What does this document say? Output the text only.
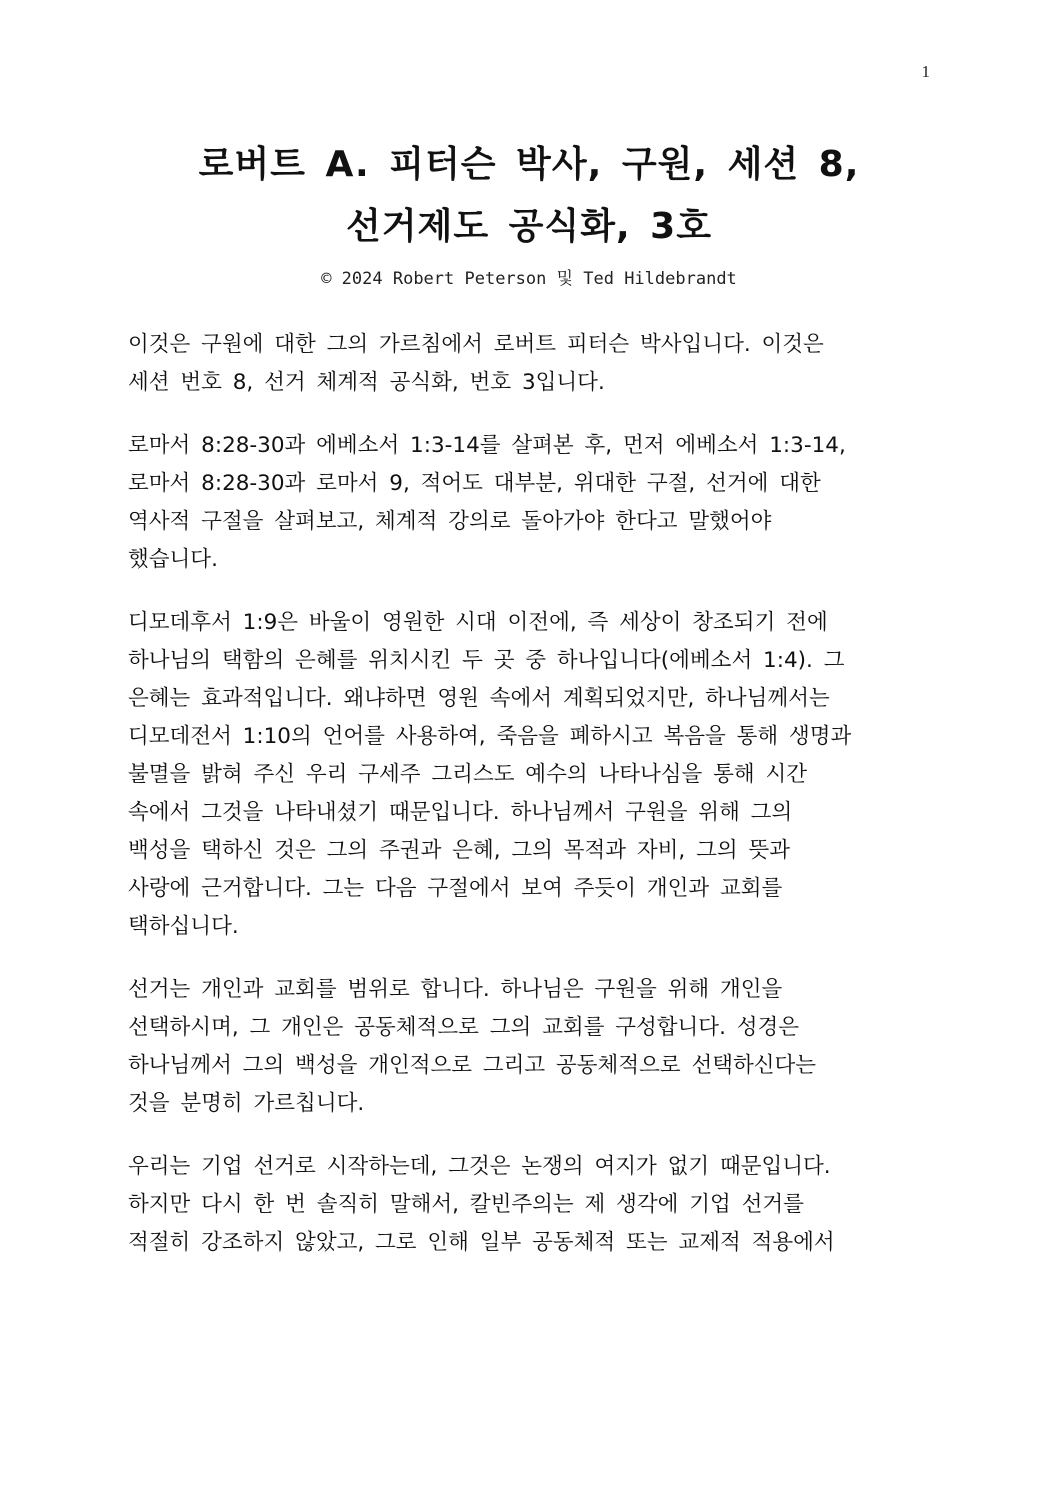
1
로버트 A. 피터슨 박사, 구원, 세션 8,
선거제도 공식화, 3호
© 2024 Robert Peterson 및 Ted Hildebrandt
이것은 구원에 대한 그의 가르침에서 로버트 피터슨 박사입니다. 이것은
세션 번호 8, 선거 체계적 공식화, 번호 3입니다.
로마서 8:28-30과 에베소서 1:3-14를 살펴본 후, 먼저 에베소서 1:3-14,
로마서 8:28-30과 로마서 9, 적어도 대부분, 위대한 구절, 선거에 대한
역사적 구절을 살펴보고, 체계적 강의로 돌아가야 한다고 말했어야
했습니다.
디모데후서 1:9은 바울이 영원한 시대 이전에, 즉 세상이 창조되기 전에
하나님의 택함의 은혜를 위치시킨 두 곳 중 하나입니다(에베소서 1:4). 그
은혜는 효과적입니다. 왜냐하면 영원 속에서 계획되었지만, 하나님께서는
디모데전서 1:10의 언어를 사용하여, 죽음을 폐하시고 복음을 통해 생명과
불멸을 밝혀 주신 우리 구세주 그리스도 예수의 나타나심을 통해 시간
속에서 그것을 나타내셨기 때문입니다. 하나님께서 구원을 위해 그의
백성을 택하신 것은 그의 주권과 은혜, 그의 목적과 자비, 그의 뜻과
사랑에 근거합니다. 그는 다음 구절에서 보여 주듯이 개인과 교회를
택하십니다.
선거는 개인과 교회를 범위로 합니다. 하나님은 구원을 위해 개인을
선택하시며, 그 개인은 공동체적으로 그의 교회를 구성합니다. 성경은
하나님께서 그의 백성을 개인적으로 그리고 공동체적으로 선택하신다는
것을 분명히 가르칩니다.
우리는 기업 선거로 시작하는데, 그것은 논쟁의 여지가 없기 때문입니다.
하지만 다시 한 번 솔직히 말해서, 칼빈주의는 제 생각에 기업 선거를
적절히 강조하지 않았고, 그로 인해 일부 공동체적 또는 교제적 적용에서
